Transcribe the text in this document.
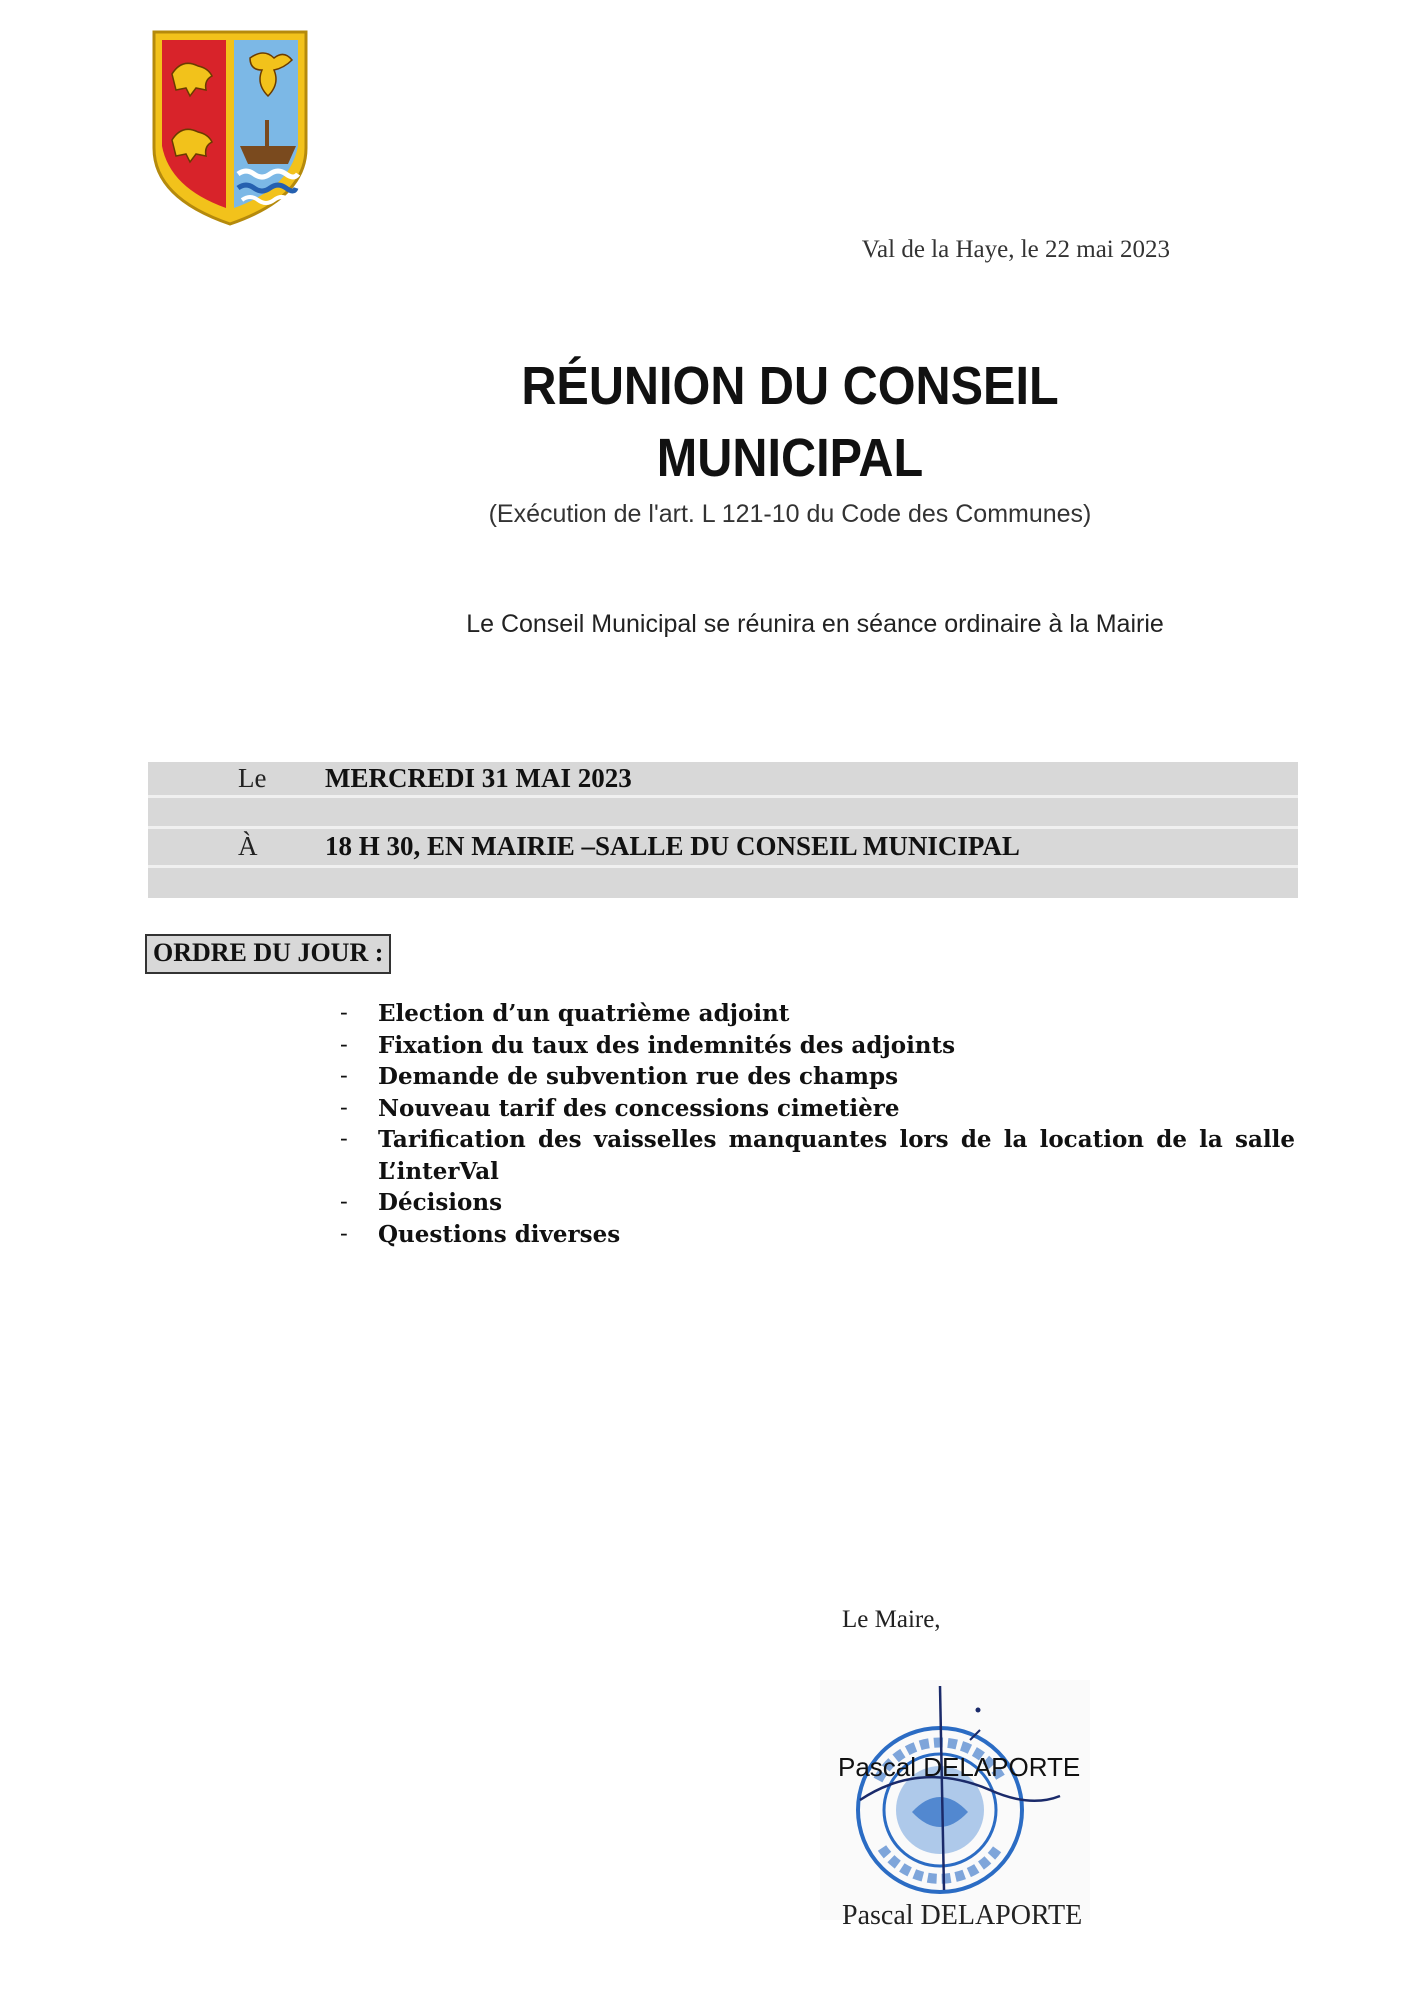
Val de la Haye, le 22 mai 2023
RÉUNION DU CONSEIL
MUNICIPAL
(Exécution de l'art. L 121-10 du Code des Communes)
Le Conseil Municipal se réunira en séance ordinaire à la Mairie
Le MERCREDI 31 MAI 2023
À	18 H 30, EN MAIRIE –SALLE DU CONSEIL MUNICIPAL
ORDRE DU JOUR :
- Election d’un quatrième adjoint
- Fixation du taux des indemnités des adjoints
- Demande de subvention rue des champs
- Nouveau tarif des concessions cimetière
- Tarification des vaisselles manquantes lors de la location de la salle L’interVal
- Décisions
- Questions diverses
Le Maire,
Pascal DELAPORTE
Pascal DELAPORTE
